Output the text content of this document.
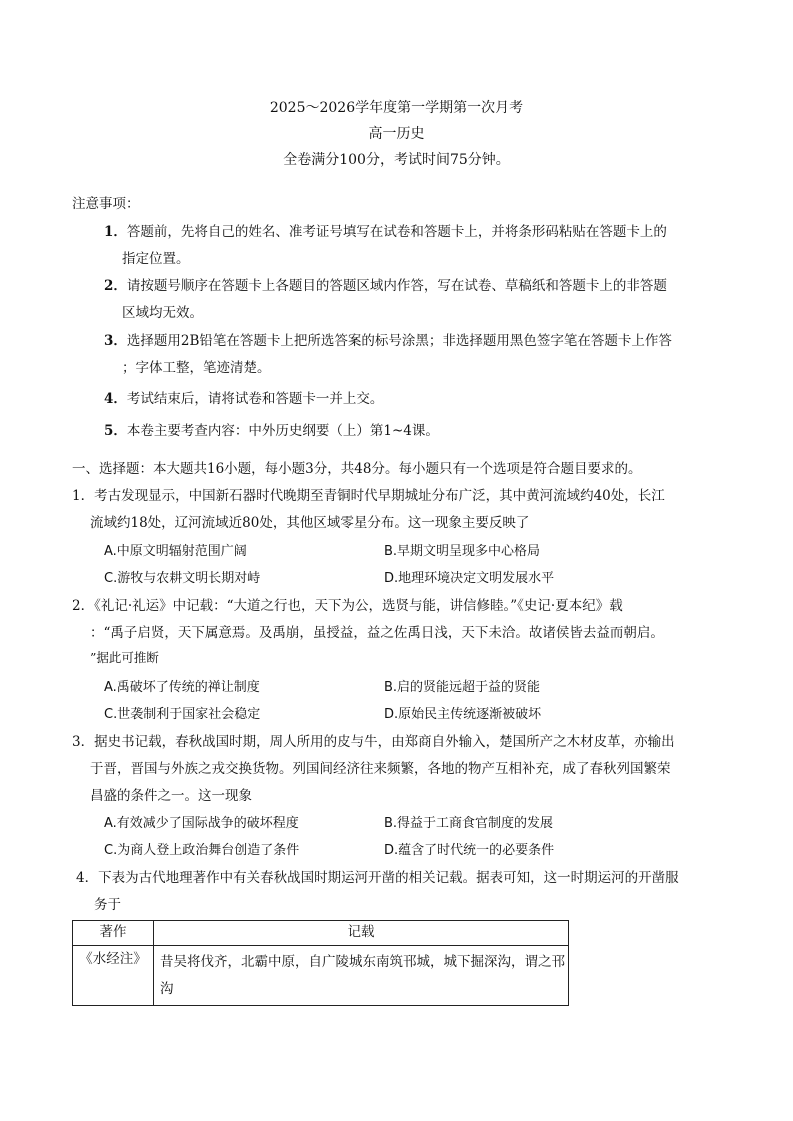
2025～2026学年度第一学期第一次月考
高一历史
全卷满分100分，考试时间75分钟。
注意事项：
1．答题前，先将自己的姓名、准考证号填写在试卷和答题卡上，并将条形码粘贴在答题卡上的
指定位置。
2．请按题号顺序在答题卡上各题目的答题区域内作答，写在试卷、草稿纸和答题卡上的非答题
区域均无效。
3．选择题用2B铅笔在答题卡上把所选答案的标号涂黑；非选择题用黑色签字笔在答题卡上作答
；字体工整，笔迹清楚。
4．考试结束后，请将试卷和答题卡一并上交。
5．本卷主要考查内容：中外历史纲要（上）第1~4课。
一、选择题：本大题共16小题，每小题3分，共48分。每小题只有一个选项是符合题目要求的。
1．考古发现显示，中国新石器时代晚期至青铜时代早期城址分布广泛，其中黄河流域约40处，长江
流域约18处，辽河流域近80处，其他区域零星分布。这一现象主要反映了
A.中原文明辐射范围广阔	B.早期文明呈现多中心格局
C.游牧与农耕文明长期对峙	D.地理环境决定文明发展水平
2．《礼记·礼运》中记载：“大道之行也，天下为公，选贤与能，讲信修睦。”《史记·夏本纪》载
：“禹子启贤，天下属意焉。及禹崩，虽授益，益之佐禹日浅，天下未洽。故诸侯皆去益而朝启。
”据此可推断
A.禹破坏了传统的禅让制度	B.启的贤能远超于益的贤能
C.世袭制利于国家社会稳定	D.原始民主传统逐渐被破坏
3．据史书记载，春秋战国时期，周人所用的皮与牛，由郑商自外输入，楚国所产之木材皮革，亦输出
于晋，晋国与外族之戎交换货物。列国间经济往来频繁，各地的物产互相补充，成了春秋列国繁荣
昌盛的条件之一。这一现象
A.有效减少了国际战争的破坏程度	B.得益于工商食官制度的发展
C.为商人登上政治舞台创造了条件	D.蕴含了时代统一的必要条件
4．下表为古代地理著作中有关春秋战国时期运河开凿的相关记载。据表可知，这一时期运河的开凿服
务于
著作	记载
《水经注》	昔吴将伐齐，北霸中原，自广陵城东南筑邗城，城下掘深沟，谓之邗沟
